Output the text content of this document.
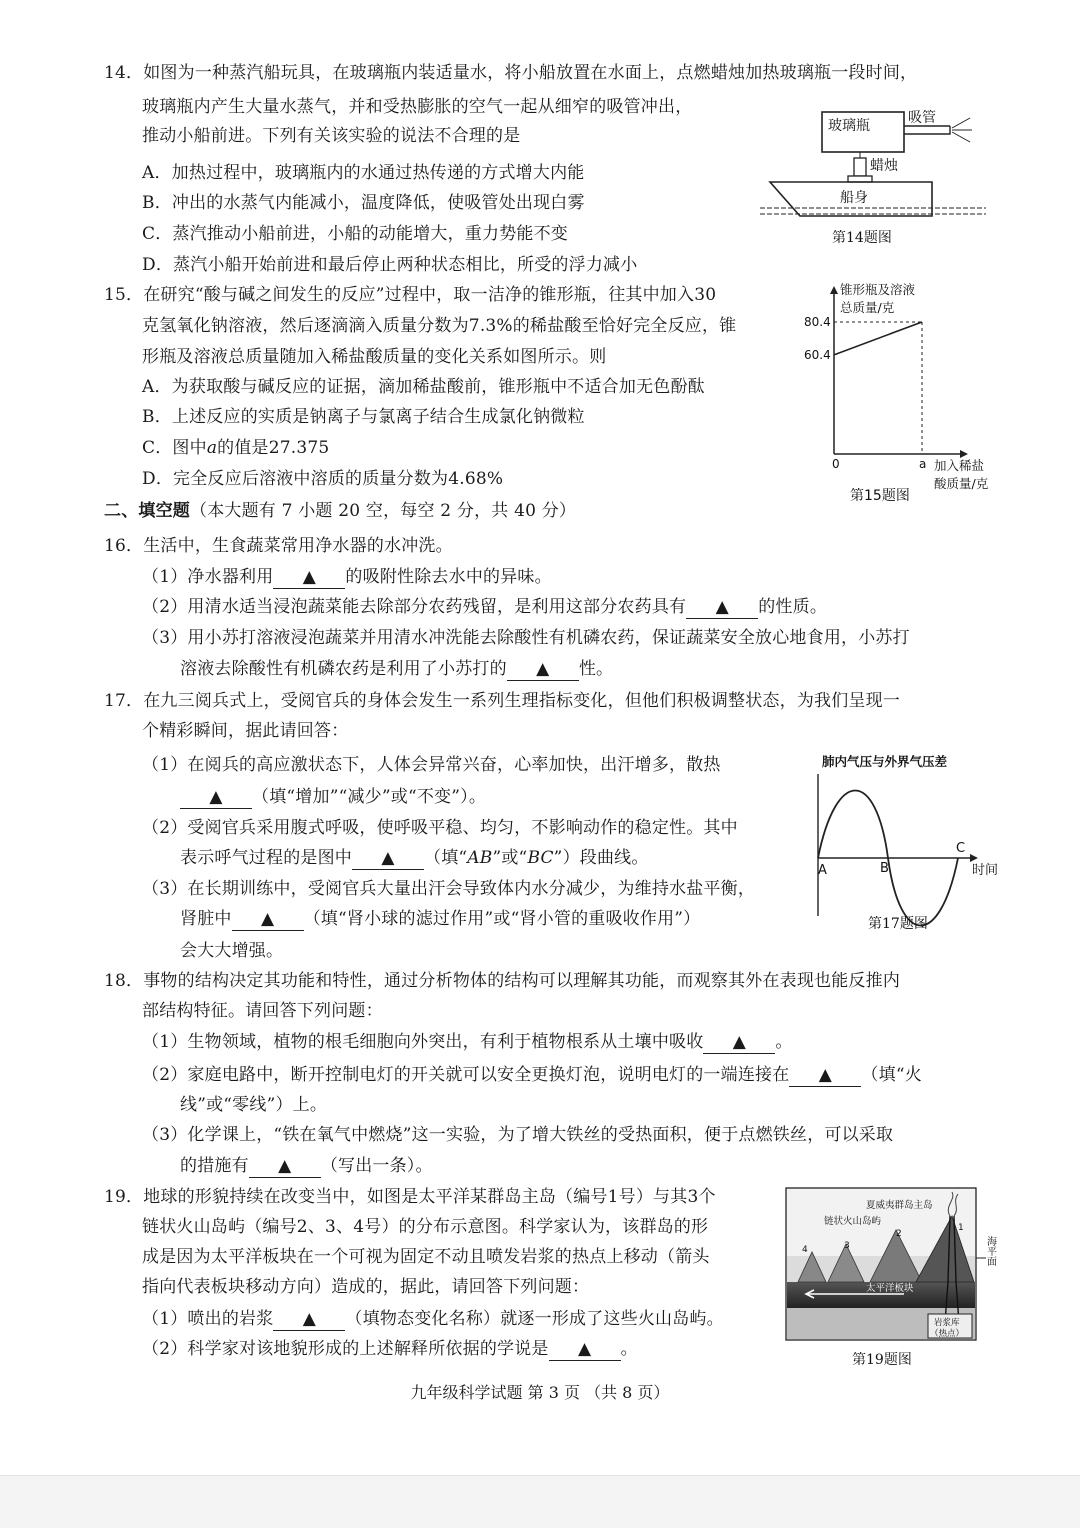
14．如图为一种蒸汽船玩具，在玻璃瓶内装适量水，将小船放置在水面上，点燃蜡烛加热玻璃瓶一段时间，
玻璃瓶内产生大量水蒸气，并和受热膨胀的空气一起从细窄的吸管冲出，
推动小船前进。下列有关该实验的说法不合理的是
A．加热过程中，玻璃瓶内的水通过热传递的方式增大内能
B．冲出的水蒸气内能减小，温度降低，使吸管处出现白雾
C．蒸汽推动小船前进，小船的动能增大，重力势能不变
D．蒸汽小船开始前进和最后停止两种状态相比，所受的浮力减小
玻璃瓶	吸管
蜡烛
船身
第14题图
15．在研究“酸与碱之间发生的反应”过程中，取一洁净的锥形瓶，往其中加入30
克氢氧化钠溶液，然后逐滴滴入质量分数为7.3%的稀盐酸至恰好完全反应，锥
形瓶及溶液总质量随加入稀盐酸质量的变化关系如图所示。则
A．为获取酸与碱反应的证据，滴加稀盐酸前，锥形瓶中不适合加无色酚酞
B．上述反应的实质是钠离子与氯离子结合生成氯化钠微粒
C．图中a的值是27.375
D．完全反应后溶液中溶质的质量分数为4.68%
锥形瓶及溶液
总质量/克
加入稀盐
酸质量/克
60.4
80.4
0	a
第15题图
二、填空题（本大题有 7 小题 20 空，每空 2 分，共 40 分）
16．生活中，生食蔬菜常用净水器的水冲洗。
（1）净水器利用 ▲ 的吸附性除去水中的异味。
（2）用清水适当浸泡蔬菜能去除部分农药残留，是利用这部分农药具有 ▲ 的性质。
（3）用小苏打溶液浸泡蔬菜并用清水冲洗能去除酸性有机磷农药，保证蔬菜安全放心地食用，小苏打
溶液去除酸性有机磷农药是利用了小苏打的 ▲ 性。
17．在九三阅兵式上，受阅官兵的身体会发生一系列生理指标变化，但他们积极调整状态，为我们呈现一
个精彩瞬间，据此请回答：
（1）在阅兵的高应激状态下，人体会异常兴奋，心率加快，出汗增多，散热
▲ （填“增加”“减少”或“不变”）。
（2）受阅官兵采用腹式呼吸，使呼吸平稳、均匀，不影响动作的稳定性。其中
表示呼气过程的是图中 ▲ （填“AB”或“BC”）段曲线。
（3）在长期训练中，受阅官兵大量出汗会导致体内水分减少，为维持水盐平衡，
肾脏中 ▲ （填“肾小球的滤过作用”或“肾小管的重吸收作用”）
会大大增强。
肺内气压与外界气压差
A	B
C
时间
第17题图
18．事物的结构决定其功能和特性，通过分析物体的结构可以理解其功能，而观察其外在表现也能反推内
部结构特征。请回答下列问题：
（1）生物领域，植物的根毛细胞向外突出，有利于植物根系从土壤中吸收 ▲ 。
（2）家庭电路中，断开控制电灯的开关就可以安全更换灯泡，说明电灯的一端连接在 ▲ （填“火
线”或“零线”）上。
（3）化学课上，“铁在氧气中燃烧”这一实验，为了增大铁丝的受热面积，便于点燃铁丝，可以采取
的措施有 ▲ （写出一条）。
19．地球的形貌持续在改变当中，如图是太平洋某群岛主岛（编号1号）与其3个
链状火山岛屿（编号2、3、4号）的分布示意图。科学家认为，该群岛的形
成是因为太平洋板块在一个可视为固定不动且喷发岩浆的热点上移动（箭头
指向代表板块移动方向）造成的，据此，请回答下列问题：
（1）喷出的岩浆 ▲ （填物态变化名称）就逐一形成了这些火山岛屿。
（2）科学家对该地貌形成的上述解释所依据的学说是 ▲ 。
太平洋板块
夏威夷群岛主岛
链状火山岛屿
1
2
3
4
岩浆库
（热点）
海平面
第19题图
九年级科学试题 第 3 页 （共 8 页）
